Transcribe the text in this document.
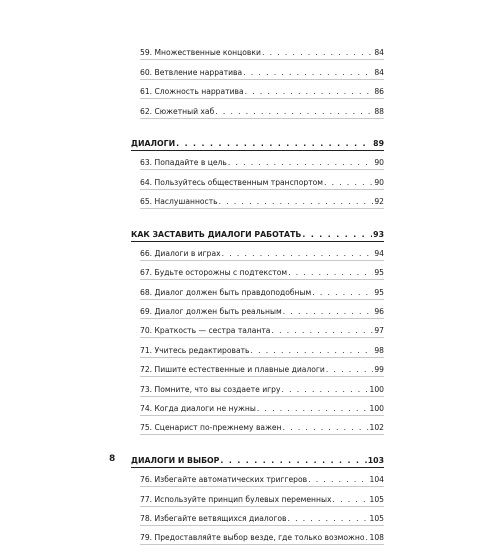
59. Множественные концовки . . .	84
60. Ветвление нарратива . . .	84
61. Сложность нарратива . . .	86
62. Сюжетный хаб . . .	88
ДИАЛОГИ . . .	89
63. Попадайте в цель . . .	90
64. Пользуйтесь общественным транспортом . . .	90
65. Наслушанность . . .	92
КАК ЗАСТАВИТЬ ДИАЛОГИ РАБОТАТЬ . . .	93
66. Диалоги в играх . . .	94
67. Будьте осторожны с подтекстом . . .	95
68. Диалог должен быть правдоподобным . . .	95
69. Диалог должен быть реальным . . .	96
70. Краткость — сестра таланта . . .	97
71. Учитесь редактировать . . .	98
72. Пишите естественные и плавные диалоги . . .	99
73. Помните, что вы создаете игру . . .	100
74. Когда диалоги не нужны . . .	100
75. Сценарист по-прежнему важен . . .	102
ДИАЛОГИ И ВЫБОР . . .	103
76. Избегайте автоматических триггеров . . .	104
77. Используйте принцип булевых переменных . . .	105
78. Избегайте ветвящихся диалогов . . .	105
79. Предоставляйте выбор везде, где только возможно . . . 108
8
